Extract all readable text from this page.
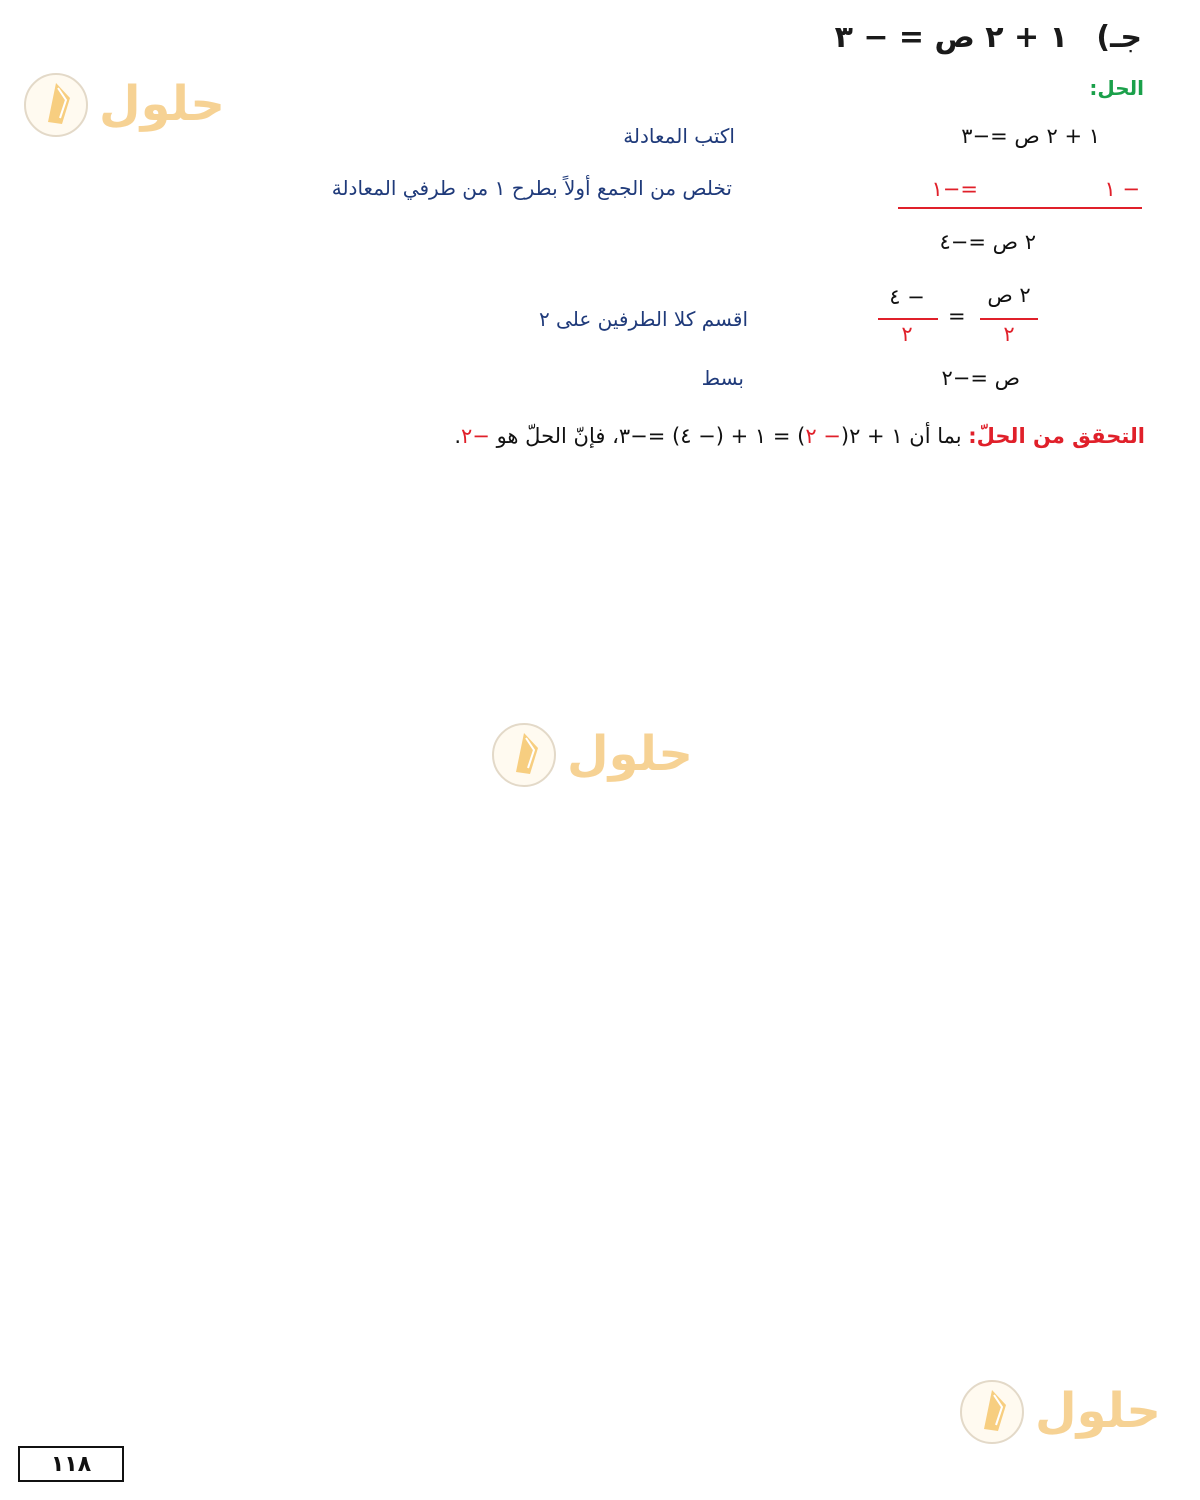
جـ) ١ + ٢ ص = − ٣
الحل:
١ + ٢ ص =−٣
اكتب المعادلة
− ١
=−١
تخلص من الجمع أولاً بطرح ١ من طرفي المعادلة
٢ ص =−٤
٢ ص
٢
=
− ٤
٢
اقسم كلا الطرفين على ٢
ص =−٢
بسط
التحقق من الحلّ: بما أن ١ + ٢(− ٢) = ١ + (− ٤) =−٣، فإنّ الحلّ هو −٢.
حلول
حلول
حلول
١١٨
